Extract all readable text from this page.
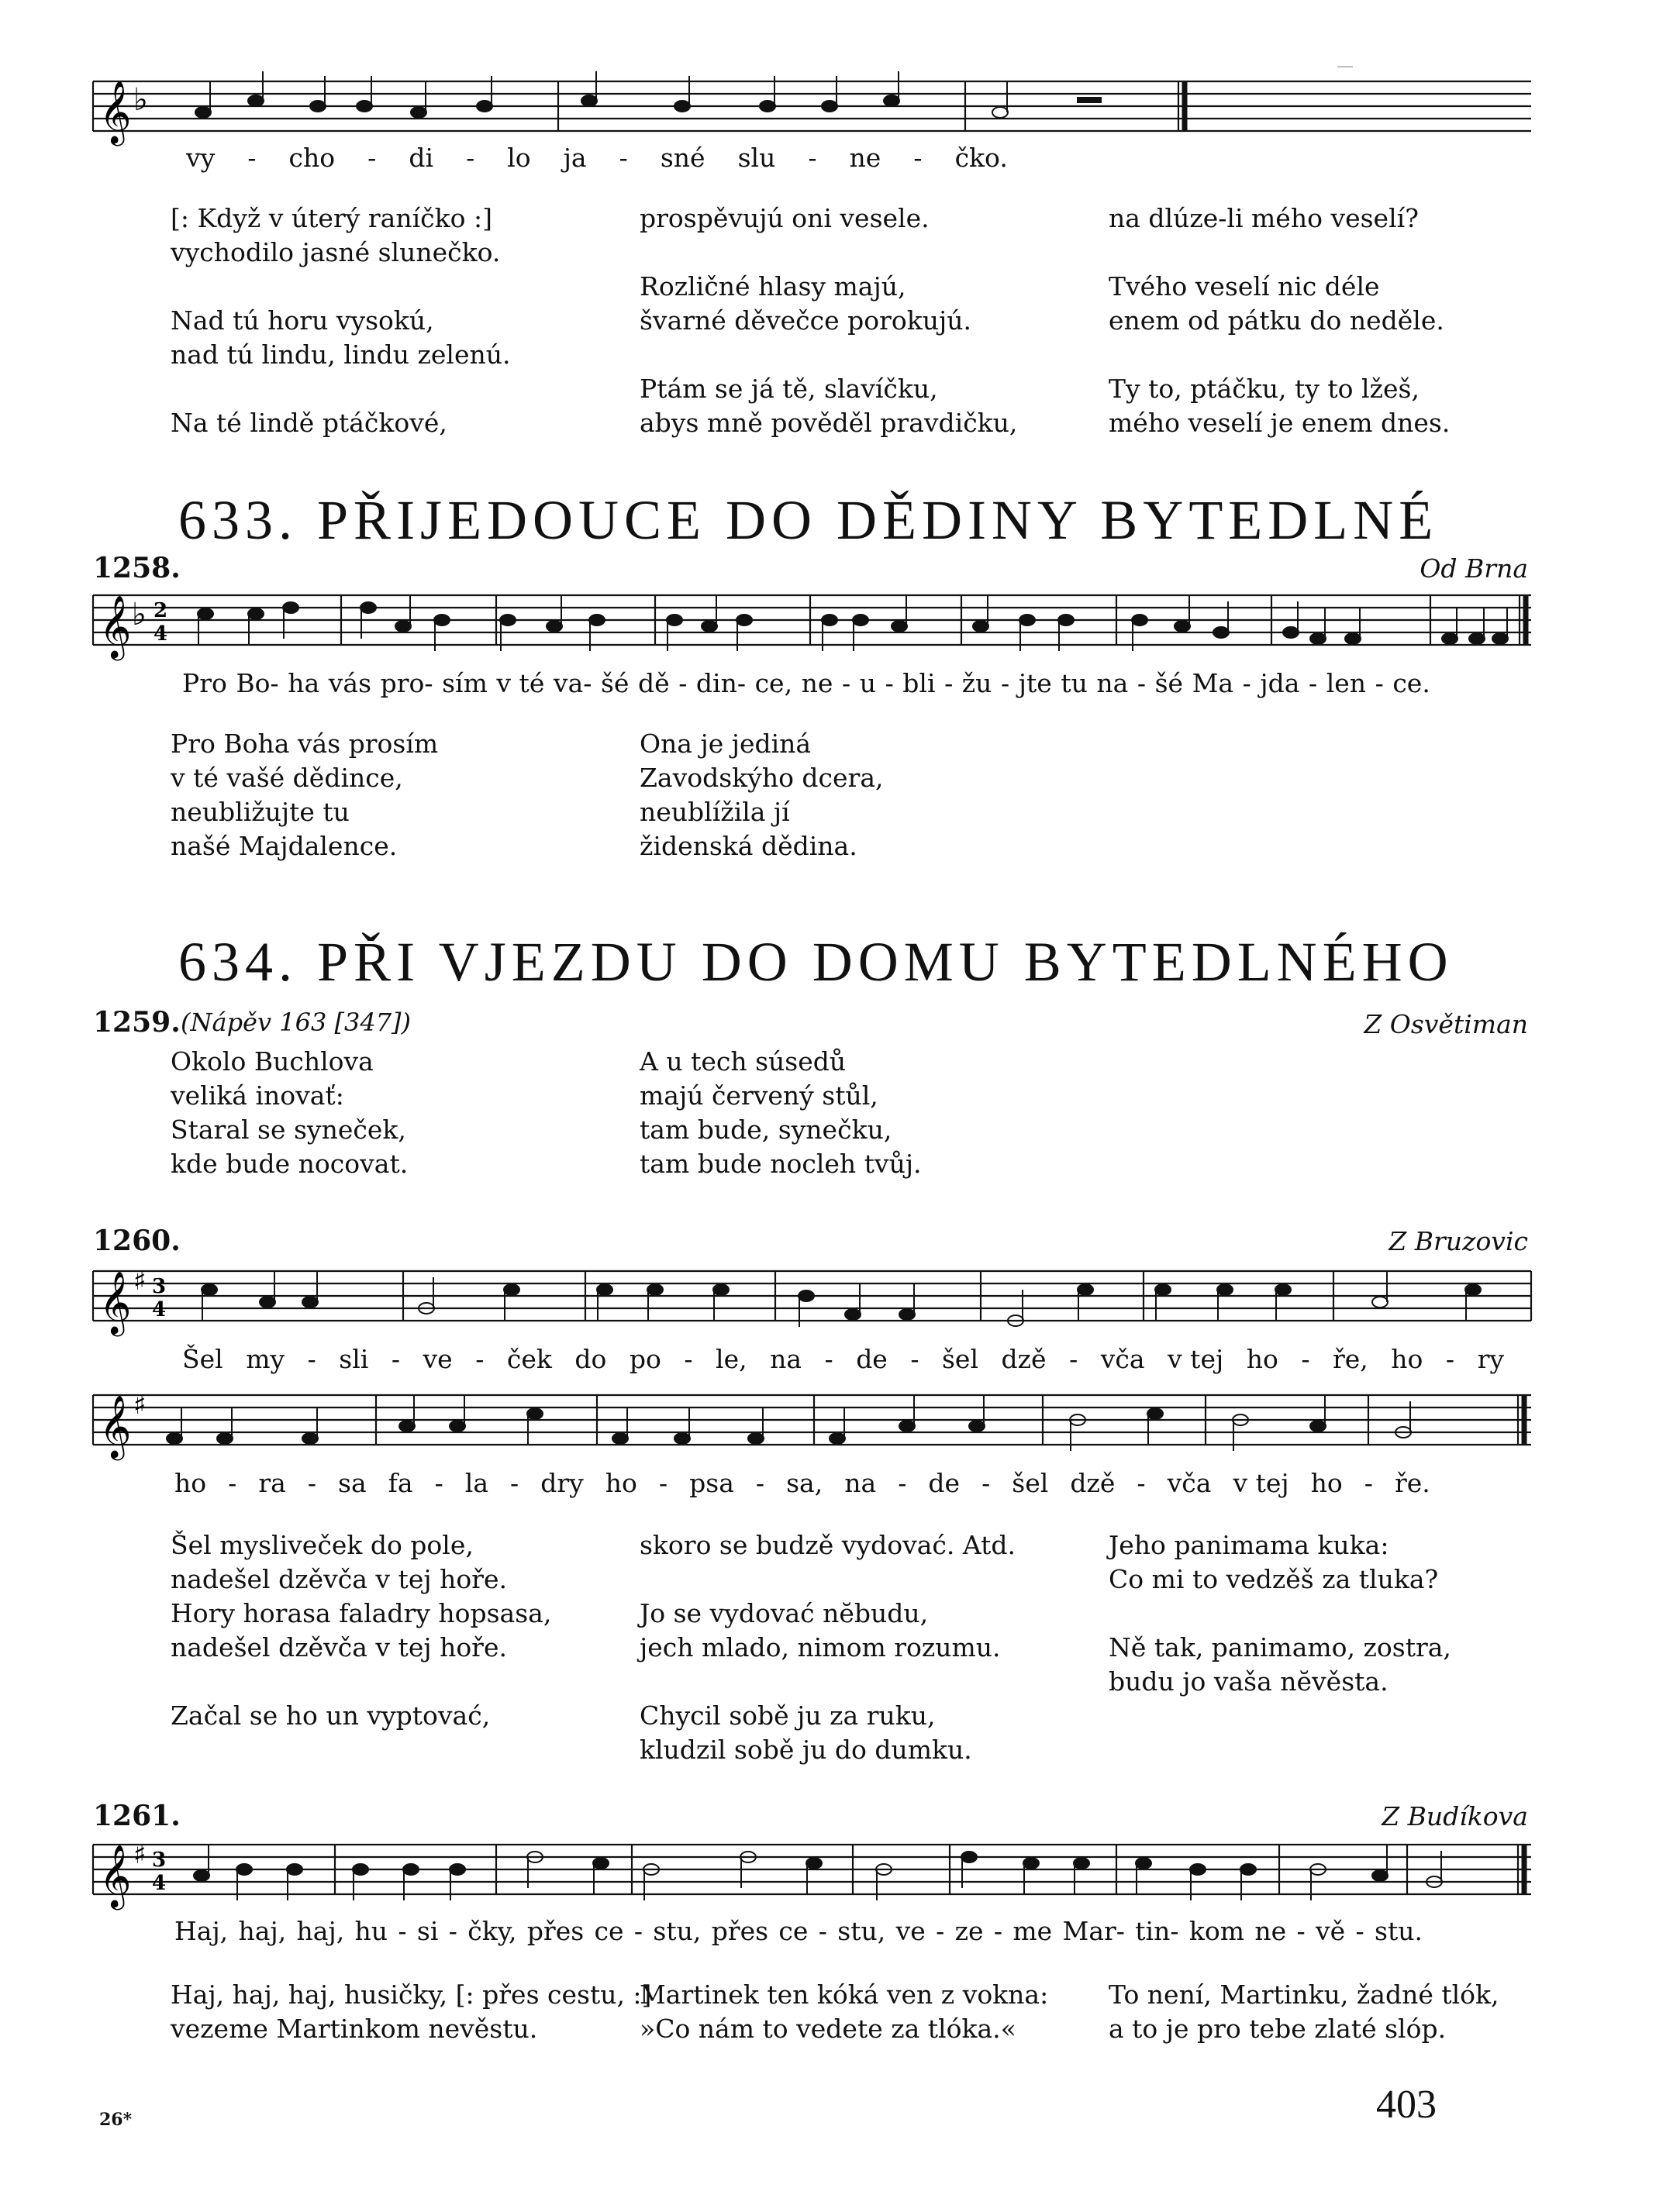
𝄞 ♭
vy - cho - di - lo ja - sné slu - ne - čko.
[: Když v úterý raníčko :]
vychodilo jasné slunečko.
Nad tú horu vysokú,
nad tú lindu, lindu zelenú.
Na té lindě ptáčkové,
prospěvujú oni vesele.
Rozličné hlasy majú,
švarné děvečce porokujú.
Ptám se já tě, slavíčku,
abys mně pověděl pravdičku,
na dlúze-li mého veselí?
Tvého veselí nic déle
enem od pátku do neděle.
Ty to, ptáčku, ty to lžeš,
mého veselí je enem dnes.
633. PŘIJEDOUCE DO DĚDINY BYTEDLNÉ
1258.	Od Brna
𝄞 ♭ 2
4
Pro Bo- ha vás pro- sím v té va- šé dě - din- ce, ne - u - bli - žu - jte tu na - šé Ma - jda - len - ce.
Pro Boha vás prosím
v té vašé dědince,
neubližujte tu
našé Majdalence.
Ona je jediná
Zavodskýho dcera,
neublížila jí
židenská dědina.
634. PŘI VJEZDU DO DOMU BYTEDLNÉHO
1259. (Nápěv 163 [347])	Z Osvětiman
Okolo Buchlova
veliká inovať:
Staral se syneček,
kde bude nocovat.
A u tech súsedů
majú červený stůl,
tam bude, synečku,
tam bude nocleh tvůj.
1260.	Z Bruzovic
𝄞 ♯ 3
4
Šel my - sli - ve - ček do po - le, na - de - šel dzě - vča v tej ho - ře, ho - ry
𝄞 ♯
ho - ra - sa fa - la - dry ho - psa - sa, na - de - šel dzě - vča v tej ho - ře.
Šel mysliveček do pole,
nadešel dzěvča v tej hoře.
Hory horasa faladry hopsasa,
nadešel dzěvča v tej hoře.
Začal se ho un vyptovać,
skoro se budzě vydovać. Atd.
Jo se vydovać nĕbudu,
jech mlado, nimom rozumu.
Chycil sobě ju za ruku,
kludzil sobě ju do dumku.
Jeho panimama kuka:
Co mi to vedzěš za tluka?
Ně tak, panimamo, zostra,
budu jo vaša nĕvěsta.
1261.	Z Budíkova
𝄞 ♯ 3
4
Haj, haj, haj, hu - si - čky, přes ce - stu, přes ce - stu, ve - ze - me Mar- tin- kom ne - vě - stu.
Haj, haj, haj, husičky, [: přes cestu, :]
vezeme Martinkom nevěstu.
Martinek ten kóká ven z vokna:
»Co nám to vedete za tlóka.«
To není, Martinku, žadné tlók,
a to je pro tebe zlaté slóp.
26*	403
